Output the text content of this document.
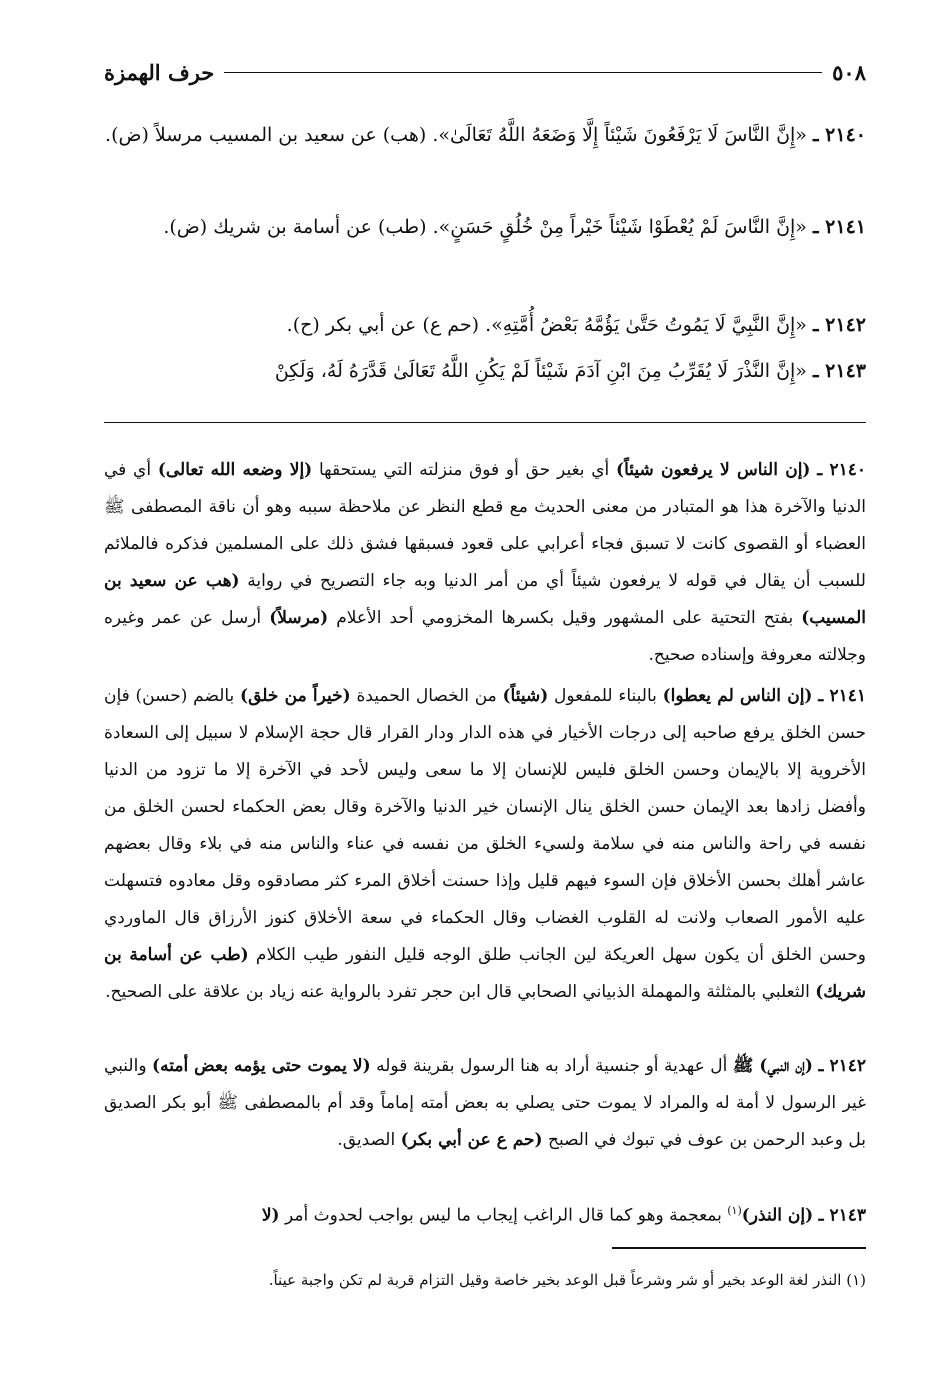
حرف الهمزة	٥٠٨
٢١٤٠ ـ «إِنَّ النَّاسَ لَا يَرْفَعُونَ شَيْئاً إِلَّا وَضَعَهُ اللَّهُ تَعَالَىٰ». (هب) عن سعيد بن المسيب مرسلاً (ض).
٢١٤١ ـ «إِنَّ النَّاسَ لَمْ يُعْطَوْا شَيْئاً خَيْراً مِنْ خُلُقٍ حَسَنٍ». (طب) عن أسامة بن شريك (ض).
٢١٤٢ ـ «إِنَّ النَّبِيَّ لَا يَمُوتُ حَتَّىٰ يَؤُمَّهُ بَعْضُ أُمَّتِهِ». (حم ع) عن أبي بكر (ح).
٢١٤٣ ـ «إِنَّ النَّذْرَ لَا يُقَرِّبُ مِنَ ابْنِ آدَمَ شَيْئاً لَمْ يَكُنِ اللَّهُ تَعَالَىٰ قَدَّرَهُ لَهُ، وَلَكِنْ
٢١٤٠ ـ (إن الناس لا يرفعون شيئاً) أي بغير حق أو فوق منزلته التي يستحقها (إلا وضعه الله تعالى) أي في الدنيا والآخرة هذا هو المتبادر من معنى الحديث مع قطع النظر عن ملاحظة سببه وهو أن ناقة المصطفى ﷺ العضباء أو القصوى كانت لا تسبق فجاء أعرابي على قعود فسبقها فشق ذلك على المسلمين فذكره فالملائم للسبب أن يقال في قوله لا يرفعون شيئاً أي من أمر الدنيا وبه جاء التصريح في رواية (هب عن سعيد بن المسيب) بفتح التحتية على المشهور وقيل بكسرها المخزومي أحد الأعلام (مرسلاً) أرسل عن عمر وغيره وجلالته معروفة وإسناده صحيح.
٢١٤١ ـ (إن الناس لم يعطوا) بالبناء للمفعول (شيئاً) من الخصال الحميدة (خيراً من خلق) بالضم (حسن) فإن حسن الخلق يرفع صاحبه إلى درجات الأخيار في هذه الدار ودار القرار قال حجة الإسلام لا سبيل إلى السعادة الأخروية إلا بالإيمان وحسن الخلق فليس للإنسان إلا ما سعى وليس لأحد في الآخرة إلا ما تزود من الدنيا وأفضل زادها بعد الإيمان حسن الخلق ينال الإنسان خير الدنيا والآخرة وقال بعض الحكماء لحسن الخلق من نفسه في راحة والناس منه في سلامة ولسيء الخلق من نفسه في عناء والناس منه في بلاء وقال بعضهم عاشر أهلك بحسن الأخلاق فإن السوء فيهم قليل وإذا حسنت أخلاق المرء كثر مصادقوه وقل معادوه فتسهلت عليه الأمور الصعاب ولانت له القلوب الغضاب وقال الحكماء في سعة الأخلاق كنوز الأرزاق قال الماوردي وحسن الخلق أن يكون سهل العريكة لين الجانب طلق الوجه قليل النفور طيب الكلام (طب عن أسامة بن شريك) الثعلبي بالمثلثة والمهملة الذبياني الصحابي قال ابن حجر تفرد بالرواية عنه زياد بن علاقة على الصحيح.
٢١٤٢ ـ (إن النبي) ﷺ أل عهدية أو جنسية أراد به هنا الرسول بقرينة قوله (لا يموت حتى يؤمه بعض أمته) والنبي غير الرسول لا أمة له والمراد لا يموت حتى يصلي به بعض أمته إماماً وقد أم بالمصطفى ﷺ أبو بكر الصديق بل وعبد الرحمن بن عوف في تبوك في الصبح (حم ع عن أبي بكر) الصديق.
٢١٤٣ ـ (إن النذر)$^{(١)}$ بمعجمة وهو كما قال الراغب إيجاب ما ليس بواجب لحدوث أمر (لا
(١) النذر لغة الوعد بخير أو شر وشرعاً قبل الوعد بخير خاصة وقيل التزام قربة لم تكن واجبة عيناً.
